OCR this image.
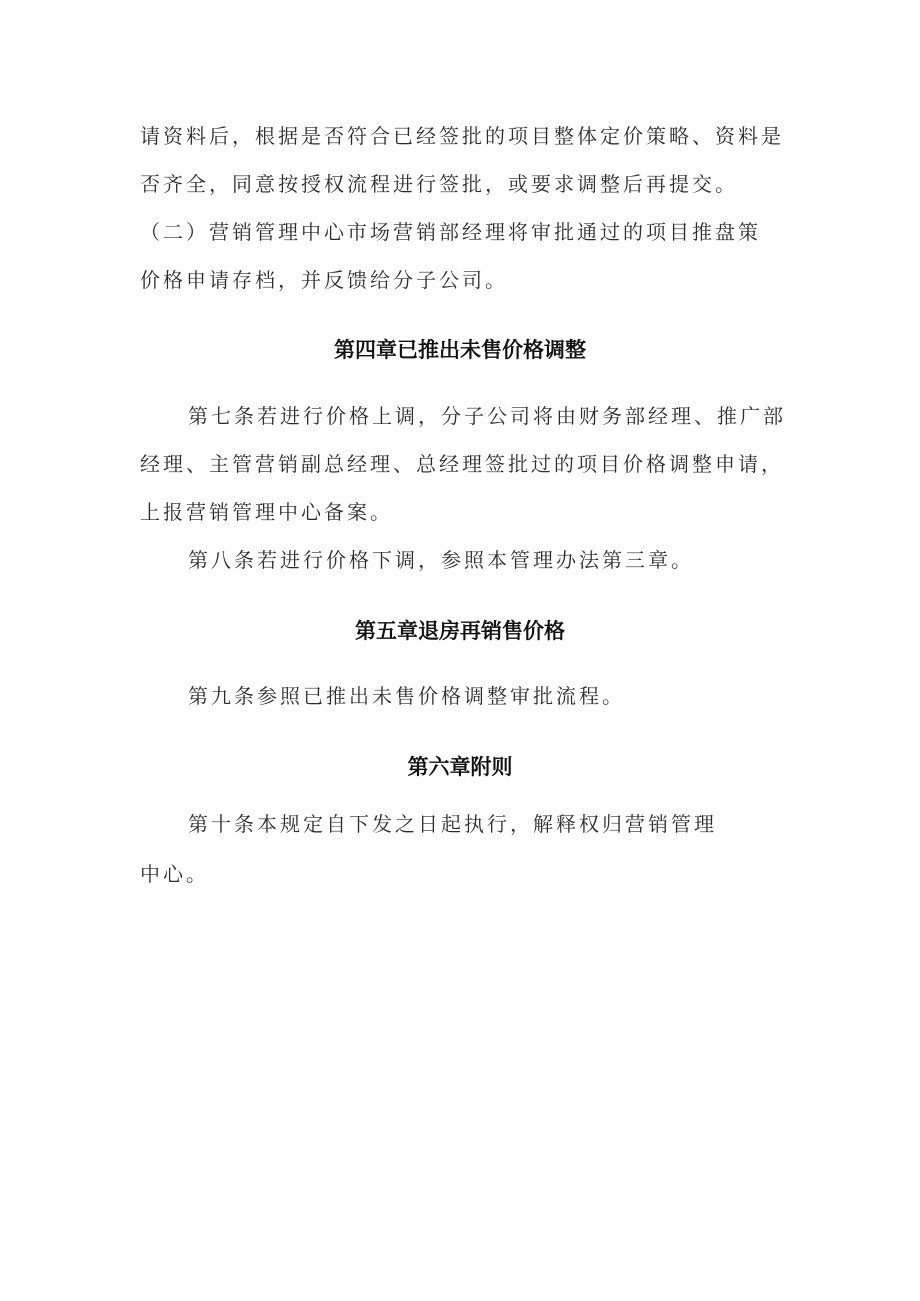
请资料后，根据是否符合已经签批的项目整体定价策略、资料是
否齐全，同意按授权流程进行签批，或要求调整后再提交。
（二）营销管理中心市场营销部经理将审批通过的项目推盘策
价格申请存档，并反馈给分子公司。
第四章已推出未售价格调整
第七条若进行价格上调，分子公司将由财务部经理、推广部
经理、主管营销副总经理、总经理签批过的项目价格调整申请，
上报营销管理中心备案。
第八条若进行价格下调，参照本管理办法第三章。
第五章退房再销售价格
第九条参照已推出未售价格调整审批流程。
第六章附则
第十条本规定自下发之日起执行，解释权归营销管理
中心。
